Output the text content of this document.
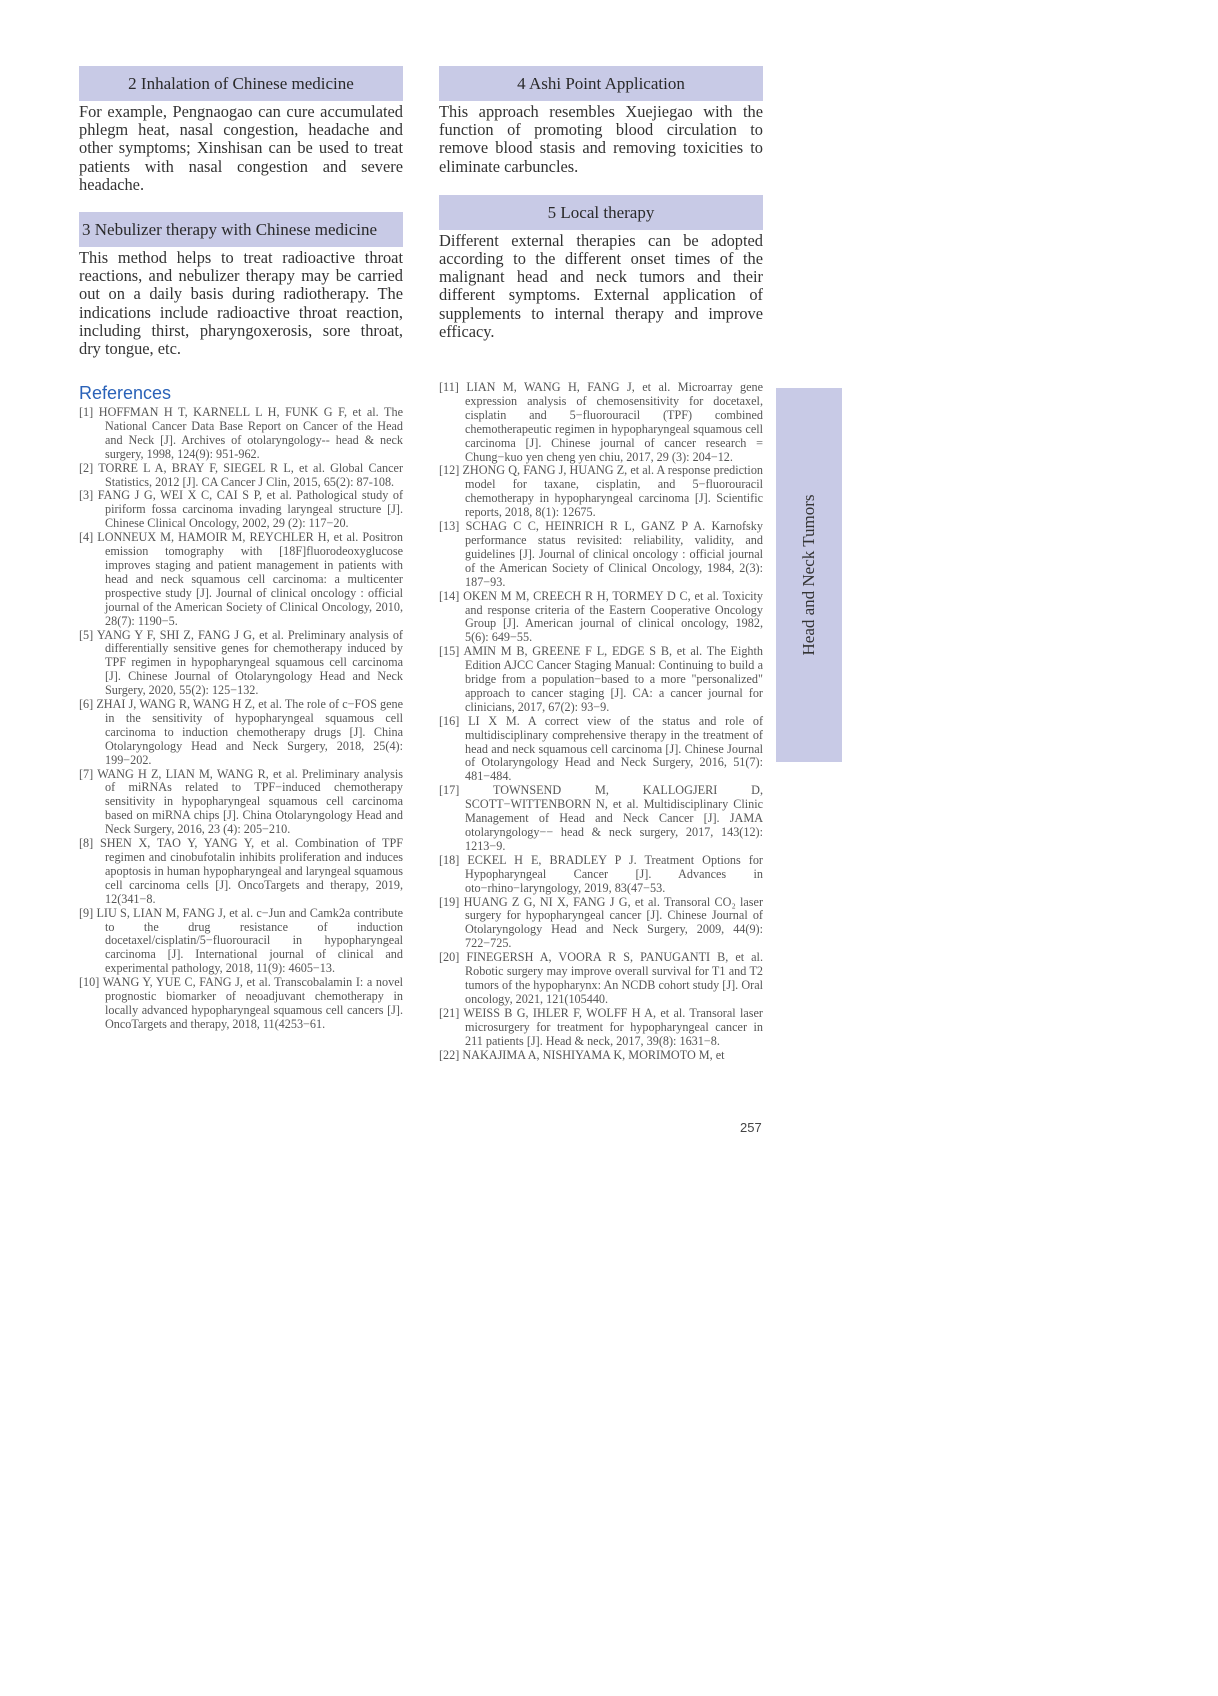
2 Inhalation of Chinese medicine
For example, Pengnaogao can cure accumulated phlegm heat, nasal congestion, headache and other symptoms; Xinshisan can be used to treat patients with nasal congestion and severe headache.
3 Nebulizer therapy with Chinese medicine
This method helps to treat radioactive throat reactions, and nebulizer therapy may be carried out on a daily basis during radiotherapy. The indications include radioactive throat reaction, including thirst, pharyngoxerosis, sore throat, dry tongue, etc.
4 Ashi Point Application
This approach resembles Xuejiegao with the function of promoting blood circulation to remove blood stasis and removing toxicities to eliminate carbuncles.
5 Local therapy
Different external therapies can be adopted according to the different onset times of the malignant head and neck tumors and their different symptoms. External application of supplements to internal therapy and improve efficacy.
References
[1] HOFFMAN H T, KARNELL L H, FUNK G F, et al. The National Cancer Data Base Report on Cancer of the Head and Neck [J]. Archives of otolaryngology-- head & neck surgery, 1998, 124(9): 951-962.
[2] TORRE L A, BRAY F, SIEGEL R L, et al. Global Cancer Statistics, 2012 [J]. CA Cancer J Clin, 2015, 65(2): 87-108.
[3] FANG J G, WEI X C, CAI S P, et al. Pathological study of piriform fossa carcinoma invading laryngeal structure [J]. Chinese Clinical Oncology, 2002, 29 (2): 117−20.
[4] LONNEUX M, HAMOIR M, REYCHLER H, et al. Positron emission tomography with [18F]fluorodeoxyglucose improves staging and patient management in patients with head and neck squamous cell carcinoma: a multicenter prospective study [J]. Journal of clinical oncology : official journal of the American Society of Clinical Oncology, 2010, 28(7): 1190−5.
[5] YANG Y F, SHI Z, FANG J G, et al. Preliminary analysis of differentially sensitive genes for chemotherapy induced by TPF regimen in hypopharyngeal squamous cell carcinoma [J]. Chinese Journal of Otolaryngology Head and Neck Surgery, 2020, 55(2): 125−132.
[6] ZHAI J, WANG R, WANG H Z, et al. The role of c−FOS gene in the sensitivity of hypopharyngeal squamous cell carcinoma to induction chemotherapy drugs [J]. China Otolaryngology Head and Neck Surgery, 2018, 25(4): 199−202.
[7] WANG H Z, LIAN M, WANG R, et al. Preliminary analysis of miRNAs related to TPF−induced chemotherapy sensitivity in hypopharyngeal squamous cell carcinoma based on miRNA chips [J]. China Otolaryngology Head and Neck Surgery, 2016, 23 (4): 205−210.
[8] SHEN X, TAO Y, YANG Y, et al. Combination of TPF regimen and cinobufotalin inhibits proliferation and induces apoptosis in human hypopharyngeal and laryngeal squamous cell carcinoma cells [J]. OncoTargets and therapy, 2019, 12(341−8.
[9] LIU S, LIAN M, FANG J, et al. c−Jun and Camk2a contribute to the drug resistance of induction docetaxel/cisplatin/5−fluorouracil in hypopharyngeal carcinoma [J]. International journal of clinical and experimental pathology, 2018, 11(9): 4605−13.
[10] WANG Y, YUE C, FANG J, et al. Transcobalamin I: a novel prognostic biomarker of neoadjuvant chemotherapy in locally advanced hypopharyngeal squamous cell cancers [J]. OncoTargets and therapy, 2018, 11(4253−61.
[11] LIAN M, WANG H, FANG J, et al. Microarray gene expression analysis of chemosensitivity for docetaxel, cisplatin and 5−fluorouracil (TPF) combined chemotherapeutic regimen in hypopharyngeal squamous cell carcinoma [J]. Chinese journal of cancer research = Chung−kuo yen cheng yen chiu, 2017, 29 (3): 204−12.
[12] ZHONG Q, FANG J, HUANG Z, et al. A response prediction model for taxane, cisplatin, and 5−fluorouracil chemotherapy in hypopharyngeal carcinoma [J]. Scientific reports, 2018, 8(1): 12675.
[13] SCHAG C C, HEINRICH R L, GANZ P A. Karnofsky performance status revisited: reliability, validity, and guidelines [J]. Journal of clinical oncology : official journal of the American Society of Clinical Oncology, 1984, 2(3): 187−93.
[14] OKEN M M, CREECH R H, TORMEY D C, et al. Toxicity and response criteria of the Eastern Cooperative Oncology Group [J]. American journal of clinical oncology, 1982, 5(6): 649−55.
[15] AMIN M B, GREENE F L, EDGE S B, et al. The Eighth Edition AJCC Cancer Staging Manual: Continuing to build a bridge from a population−based to a more "personalized" approach to cancer staging [J]. CA: a cancer journal for clinicians, 2017, 67(2): 93−9.
[16] LI X M. A correct view of the status and role of multidisciplinary comprehensive therapy in the treatment of head and neck squamous cell carcinoma [J]. Chinese Journal of Otolaryngology Head and Neck Surgery, 2016, 51(7): 481−484.
[17]	TOWNSEND M, KALLOGJERI D, SCOTT−WITTENBORN N, et al. Multidisciplinary Clinic Management of Head and Neck Cancer [J]. JAMA otolaryngology−− head & neck surgery, 2017, 143(12): 1213−9.
[18] ECKEL H E, BRADLEY P J. Treatment Options for Hypopharyngeal Cancer [J]. Advances in oto−rhino−laryngology, 2019, 83(47−53.
[19] HUANG Z G, NI X, FANG J G, et al. Transoral CO₂ laser surgery for hypopharyngeal cancer [J]. Chinese Journal of Otolaryngology Head and Neck Surgery, 2009, 44(9): 722−725.
[20] FINEGERSH A, VOORA R S, PANUGANTI B, et al. Robotic surgery may improve overall survival for T1 and T2 tumors of the hypopharynx: An NCDB cohort study [J]. Oral oncology, 2021, 121(105440.
[21] WEISS B G, IHLER F, WOLFF H A, et al. Transoral laser microsurgery for treatment for hypopharyngeal cancer in 211 patients [J]. Head & neck, 2017, 39(8): 1631−8.
[22] NAKAJIMA A, NISHIYAMA K, MORIMOTO M, et
Head and Neck Tumors
257
